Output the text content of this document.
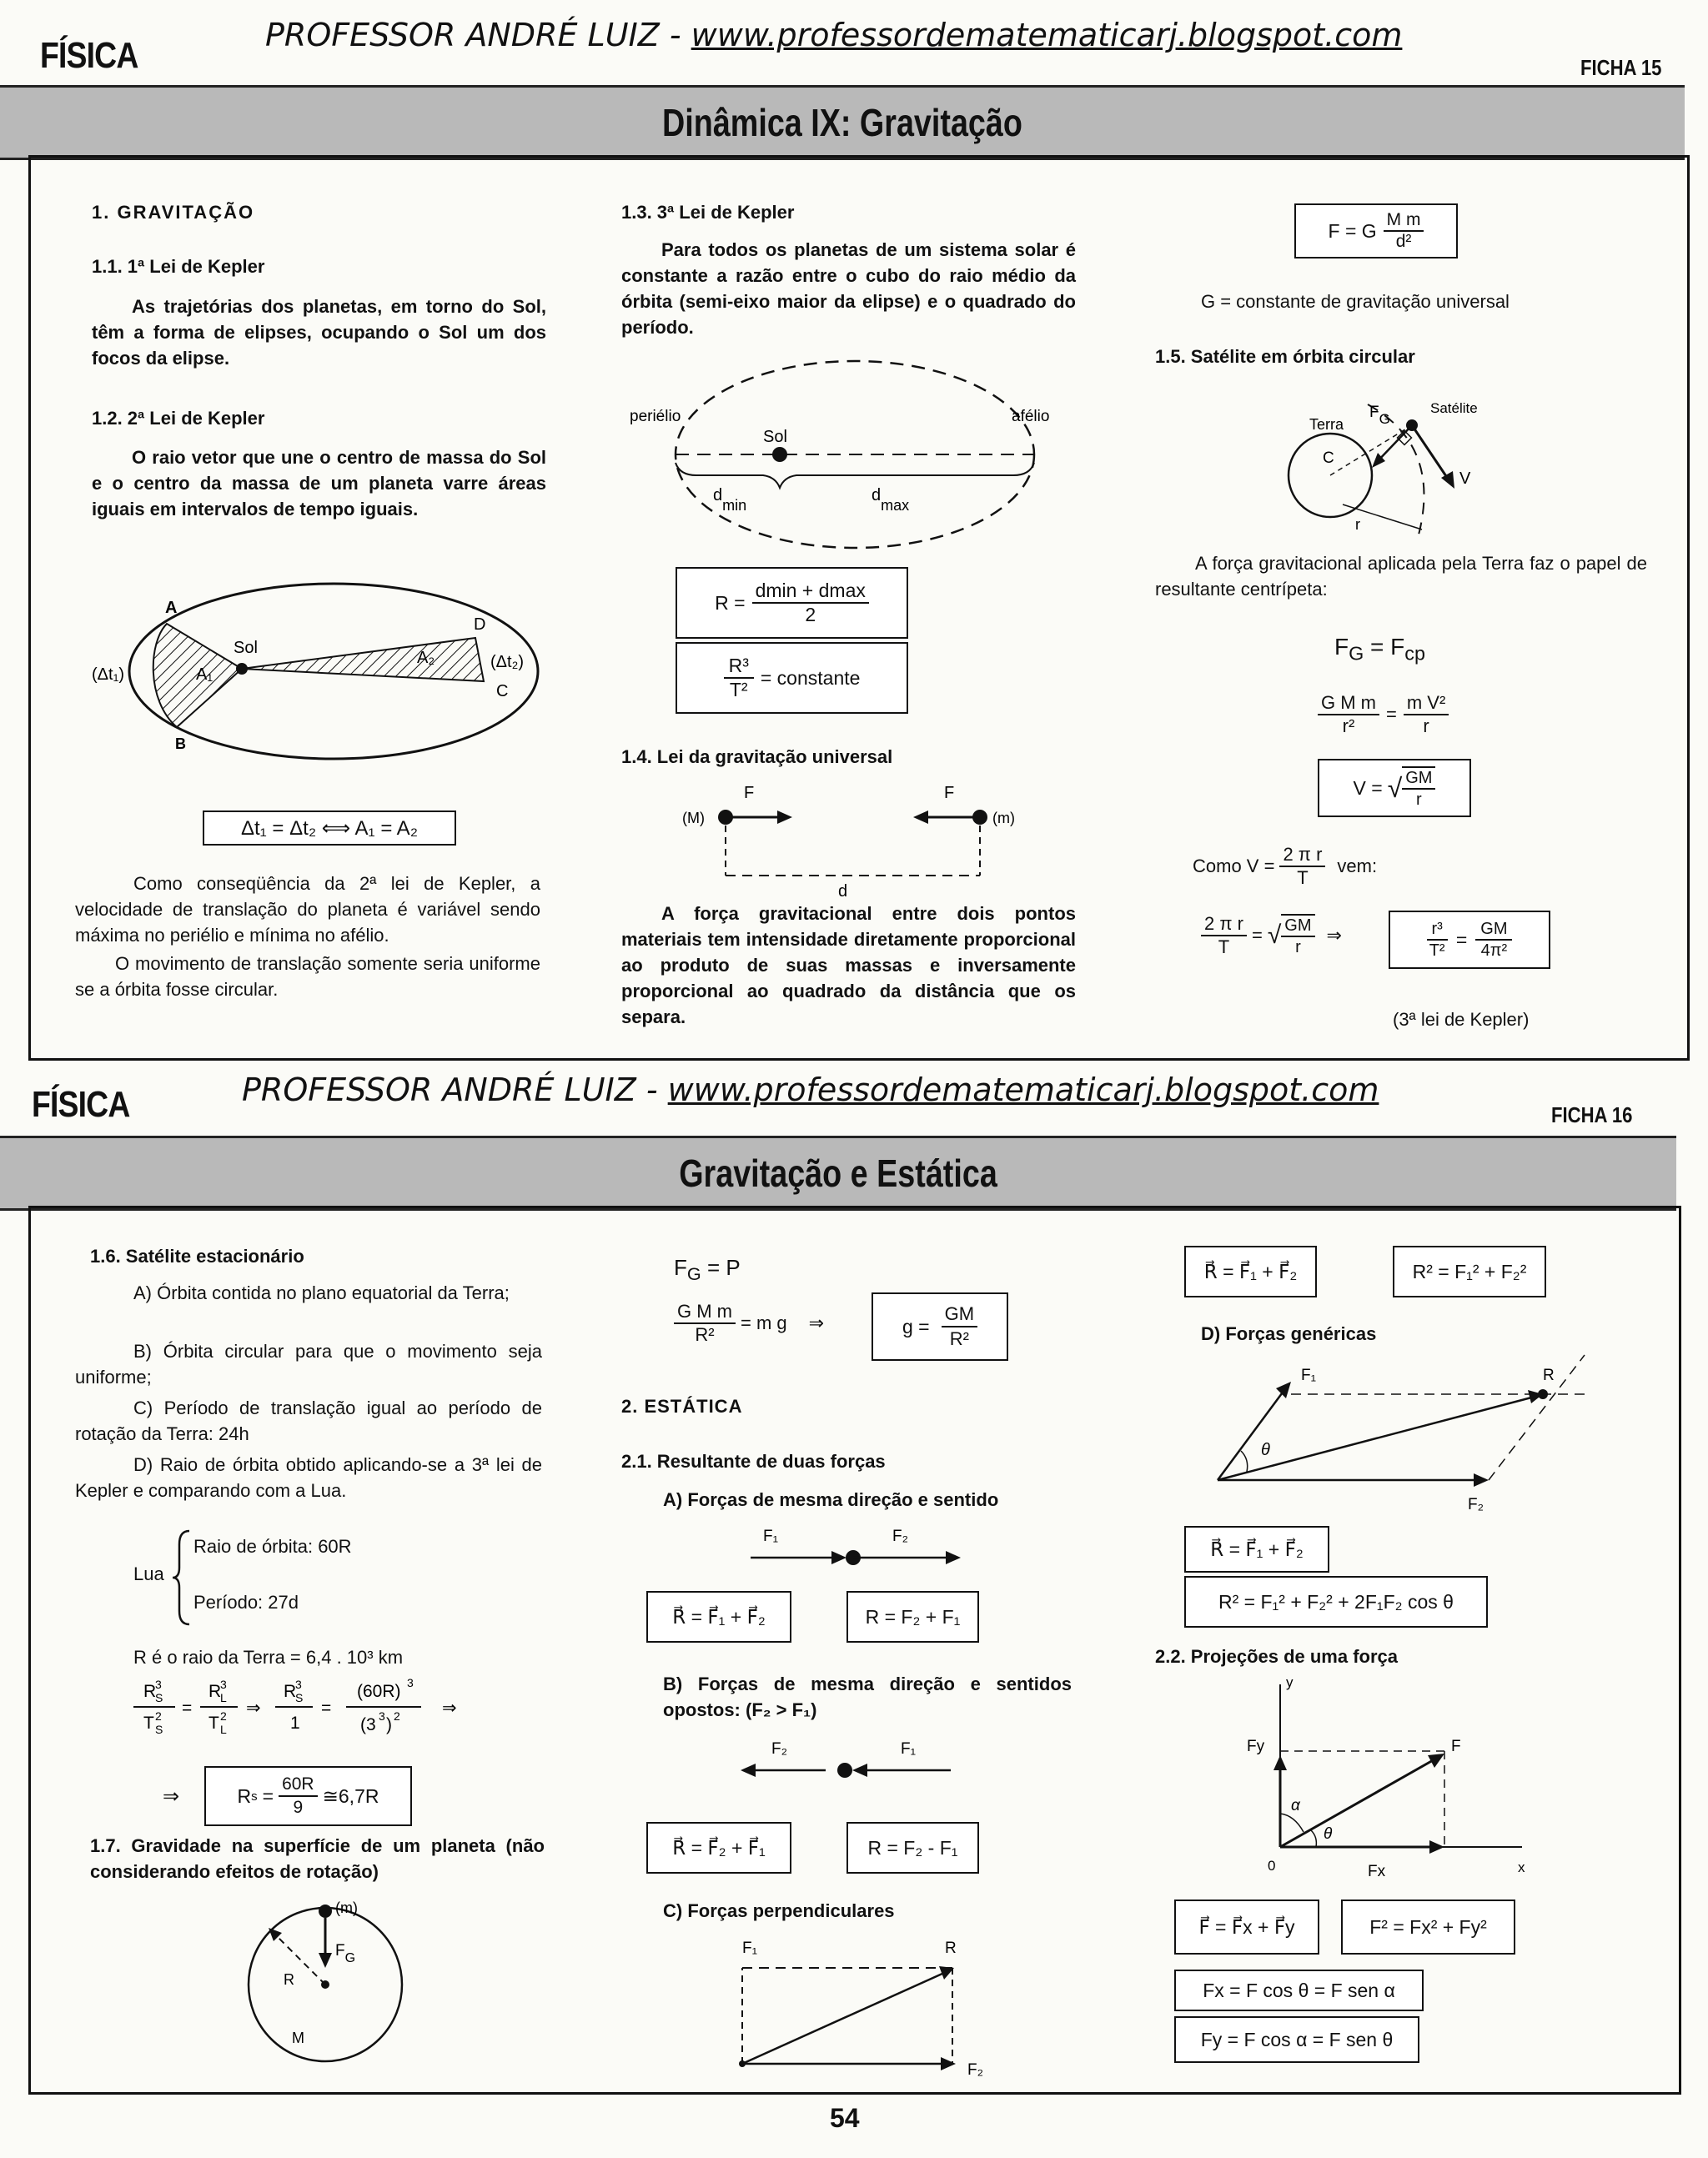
FÍSICA	PROFESSOR ANDRÉ LUIZ - www.professordematematicarj.blogspot.com
FICHA 15
Dinâmica IX: Gravitação
1. GRAVITAÇÃO
1.1. 1ª Lei de Kepler
As trajetórias dos planetas, em torno do Sol, têm a forma de elipses, ocupando o Sol um dos focos da elipse.
1.2. 2ª Lei de Kepler
O raio vetor que une o centro de massa do Sol e o centro da massa de um planeta varre áreas iguais em intervalos de tempo iguais.
A
B
C
D
Sol
(Δt₁)
(Δt₂)
A₁
A₂
Δt₁ = Δt₂ ⟺ A₁ = A₂
Como conseqüência da 2ª lei de Kepler, a velocidade de translação do planeta é variável sendo máxima no periélio e mínima no afélio.
O movimento de translação somente seria uniforme se a órbita fosse circular.
1.3. 3ª Lei de Kepler
Para todos os planetas de um sistema solar é constante a razão entre o cubo do raio médio da órbita (semi-eixo maior da elipse) e o quadrado do período.
periélio	afélio
Sol
dmin
dmax
R =
dmin + dmax
2
$\frac{\text{R³}}{\text{T²}}$ = constante
1.4. Lei da gravitação universal
(M)	(m)
F	F
d
A força gravitacional entre dois pontos materiais tem intensidade diretamente proporcional ao produto de suas massas e inversamente proporcional ao quadrado da distância que os separa.
F = G $\frac{\text{M m}}{\text{d²}}$
G = constante de gravitação universal
1.5. Satélite em órbita circular
Terra
Satélite
FG
C
r
V
A força gravitacional aplicada pela Terra faz o papel de resultante centrípeta:
$F_G = F_{cp}$
$\frac{\text{G M m}}{\text{r²}} = \frac{\text{m V²}}{r}$
V = √ GM
r
Como $V = \frac{\text{2 π r}}{T}$ vem:
$\frac{\text{2 π r}}{T}$ = √ GM
r
⇒	$\frac{\text{r³}}{\text{T²}} = \frac{GM}{\text{4π²}}$
(3ª lei de Kepler)
FÍSICA	PROFESSOR ANDRÉ LUIZ - www.professordematematicarj.blogspot.com
FICHA 16
Gravitação e Estática
1.6. Satélite estacionário
A) Órbita contida no plano equatorial da Terra;
B) Órbita circular para que o movimento seja uniforme;
C) Período de translação igual ao período de rotação da Terra: 24h
D) Raio de órbita obtido aplicando-se a 3ª lei de Kepler e comparando com a Lua.
Lua
Raio de órbita: 60R
Período: 27d
R é o raio da Terra = 6,4 . 10³ km
R
3
S
T 2
S
=
R
3
L
T 2
L
⇒
R
3
S
1
=
(60R) 3
(3 3 ) 2 ⇒
⇒	R $s = \frac{60R}{9}$ ≅6,7R
1.7. Gravidade na superfície de um planeta (não considerando efeitos de rotação)
(m)
R
M
$F_G$
$F_G = P$
$\frac{\text{G M m}}{\text{R²}} = m$ g ⇒	$g = \frac{GM}{\text{R²}}$
2. ESTÁTICA
2.1. Resultante de duas forças
A) Forças de mesma direção e sentido
F₁	F₂
R⃗ = F⃗₁ + F⃗₂	R = F₂ + F₁
B) Forças de mesma direção e sentidos opostos: (F₂ > F₁)
F₂	F₁
R⃗ = F⃗₂ + F⃗₁	R = F₂ - F₁
C) Forças perpendiculares
F₁	R
F₂
R⃗ = F⃗₁ + F⃗₂	R² = F₁² + F₂²
D) Forças genéricas
F₁	R
F₂
θ
R⃗ = F⃗₁ + F⃗₂
R² = F₁² + F₂² + 2F₁F₂ cos θ
2.2. Projeções de uma força
y
x
0
F
Fy
Fx
α
θ
F⃗ = F⃗x + F⃗y	F² = Fx² + Fy²
Fx = F cos θ = F sen α
Fy = F cos α = F sen θ
54
